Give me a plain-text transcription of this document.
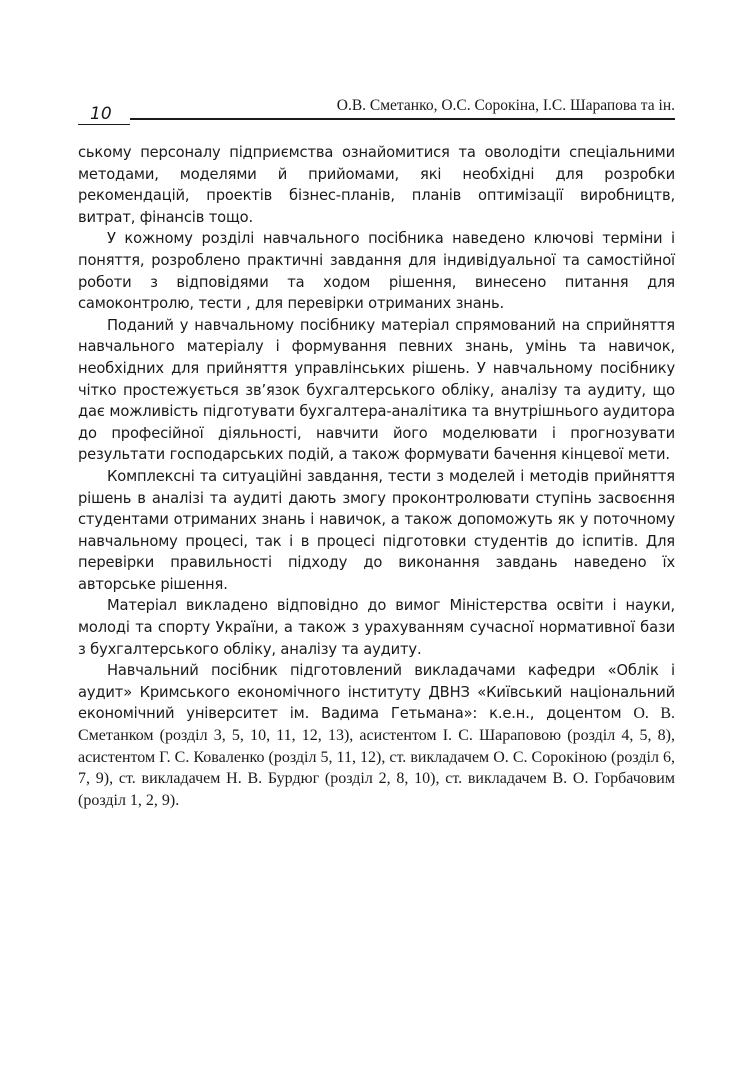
10	О.В. Сметанко, О.С. Сорокіна, І.С. Шарапова та ін.

ському персоналу підприємства ознайомитися та оволодіти спеціальними методами, моделями й прийомами, які необхідні для розробки рекомендацій, проектів бізнес-планів, планів оптимізації виробництв, витрат, фінансів тощо.

У кожному розділі навчального посібника наведено ключові терміни і поняття, розроблено практичні завдання для індивідуальної та самостійної роботи з відповідями та ходом рішення, винесено питання для самоконтролю, тести , для перевірки отриманих знань.

Поданий у навчальному посібнику матеріал спрямований на сприйняття навчального матеріалу і формування певних знань, умінь та навичок, необхідних для прийняття управлінських рішень. У навчальному посібнику чітко простежується зв’язок бухгалтерського обліку, аналізу та аудиту, що дає можливість підготувати бухгалтера-аналітика та внутрішнього аудитора до професійної діяльності, навчити його моделювати і прогнозувати результати господарських подій, а також формувати бачення кінцевої мети.

Комплексні та ситуаційні завдання, тести з моделей і методів прийняття рішень в аналізі та аудиті дають змогу проконтролювати ступінь засвоєння студентами отриманих знань і навичок, а також допоможуть як у поточному навчальному процесі, так і в процесі підготовки студентів до іспитів. Для перевірки правильності підходу до виконання завдань наведено їх авторське рішення.

Матеріал викладено відповідно до вимог Міністерства освіти і науки, молоді та спорту України, а також з урахуванням сучасної нормативної бази з бухгалтерського обліку, аналізу та аудиту.

Навчальний посібник підготовлений викладачами кафедри «Облік і аудит» Кримського економічного інституту ДВНЗ «Київський національний економічний університет ім. Вадима Гетьмана»: к.е.н., доцентом О. В. Сметанком (розділ 3, 5, 10, 11, 12, 13), асистентом І. С. Шараповою (розділ 4, 5, 8), асистентом Г. С. Коваленко (розділ 5, 11, 12), ст. викладачем О. С. Сорокіною (розділ 6, 7, 9), ст. викладачем Н. В. Бурдюг (розділ 2, 8, 10), ст. викладачем В. О. Горбачовим (розділ 1, 2, 9).
